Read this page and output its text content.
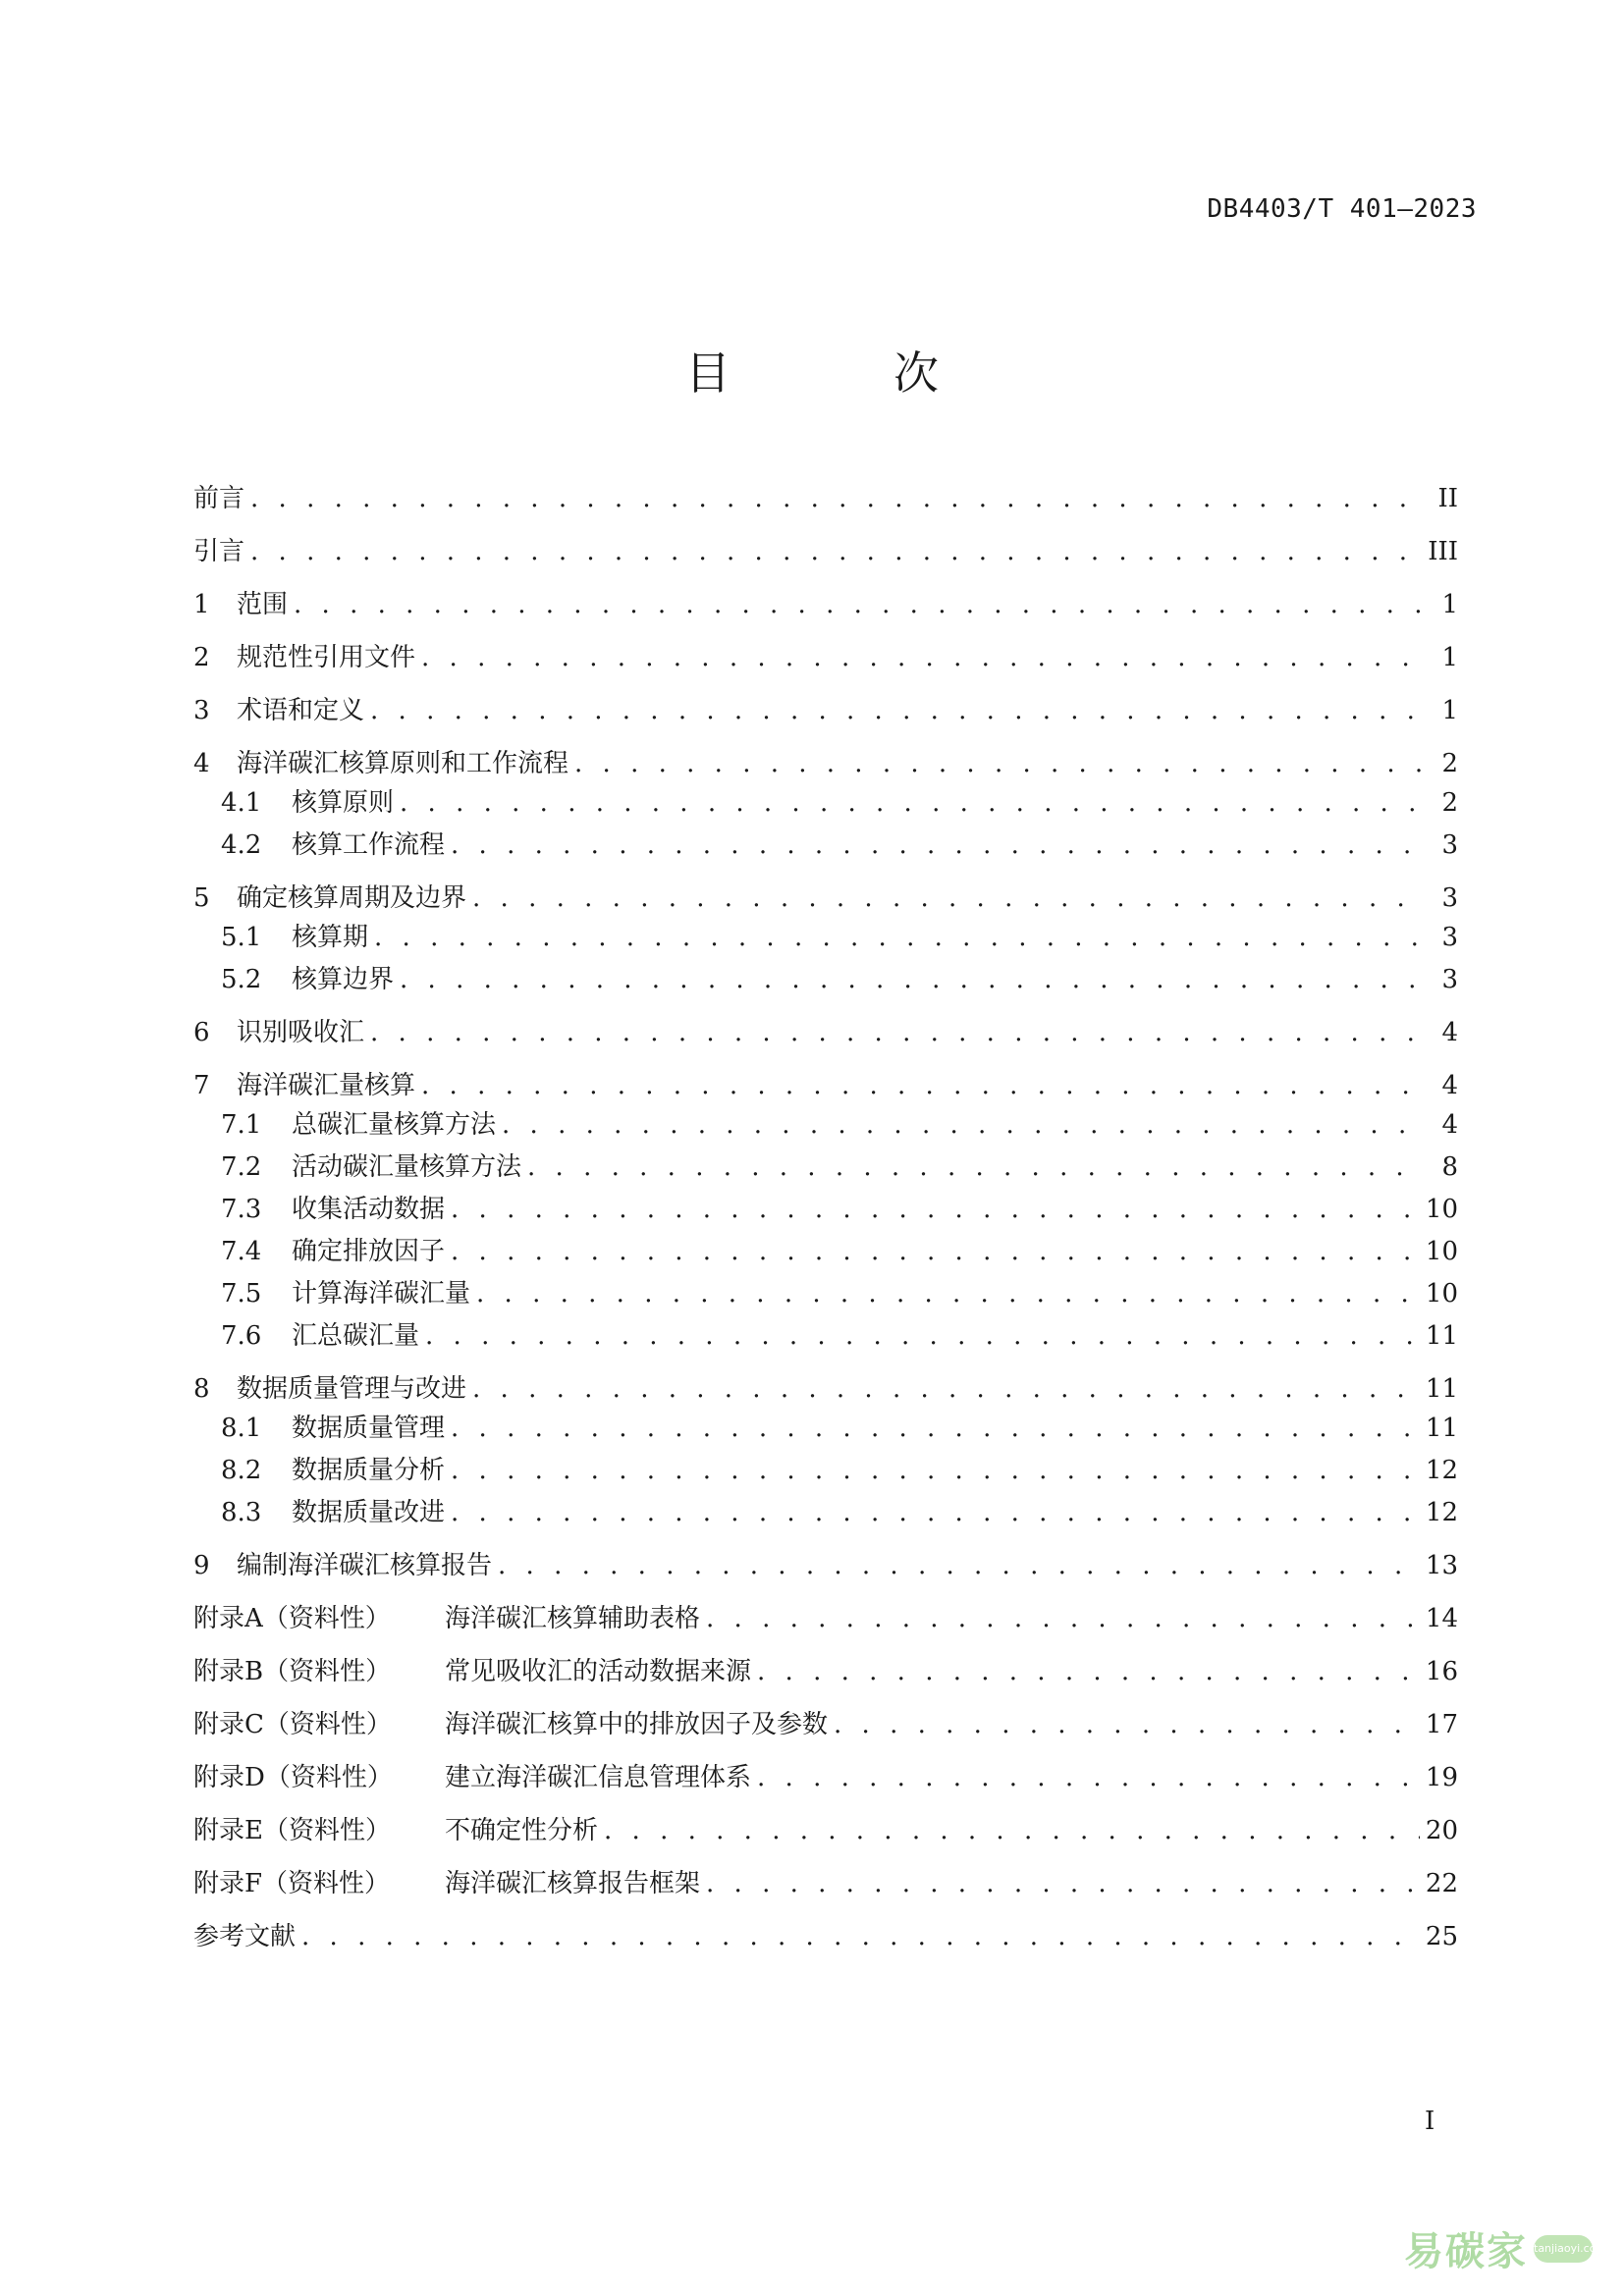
DB4403/T 401—2023
目　次
前言 . . .	II
引言 . . .	III
1	范围 . . .	1
2	规范性引用文件 . . .	1
3	术语和定义 . . .	1
4	海洋碳汇核算原则和工作流程 . . .	2
4.1	核算原则 . . .	2
4.2	核算工作流程 . . .	3
5	确定核算周期及边界 . . .	3
5.1	核算期 . . .	3
5.2	核算边界 . . .	3
6	识别吸收汇 . . .	4
7	海洋碳汇量核算 . . .	4
7.1	总碳汇量核算方法 . . .	4
7.2	活动碳汇量核算方法 . . .	8
7.3	收集活动数据 . . .	10
7.4	确定排放因子 . . .	10
7.5	计算海洋碳汇量 . . .	10
7.6	汇总碳汇量 . . .	11
8	数据质量管理与改进 . . .	11
8.1	数据质量管理 . . .	11
8.2	数据质量分析 . . .	12
8.3	数据质量改进 . . .	12
9	编制海洋碳汇核算报告 . . .	13
附录A（资料性）	海洋碳汇核算辅助表格 . . .	14
附录B（资料性）	常见吸收汇的活动数据来源 . . .	16
附录C（资料性）	海洋碳汇核算中的排放因子及参数 . . .	17
附录D（资料性）	建立海洋碳汇信息管理体系 . . .	19
附录E（资料性）	不确定性分析 . . .	20
附录F（资料性）	海洋碳汇核算报告框架 . . .	22
参考文献 . . .	25
I
易碳家 tanjiaoyi.com
